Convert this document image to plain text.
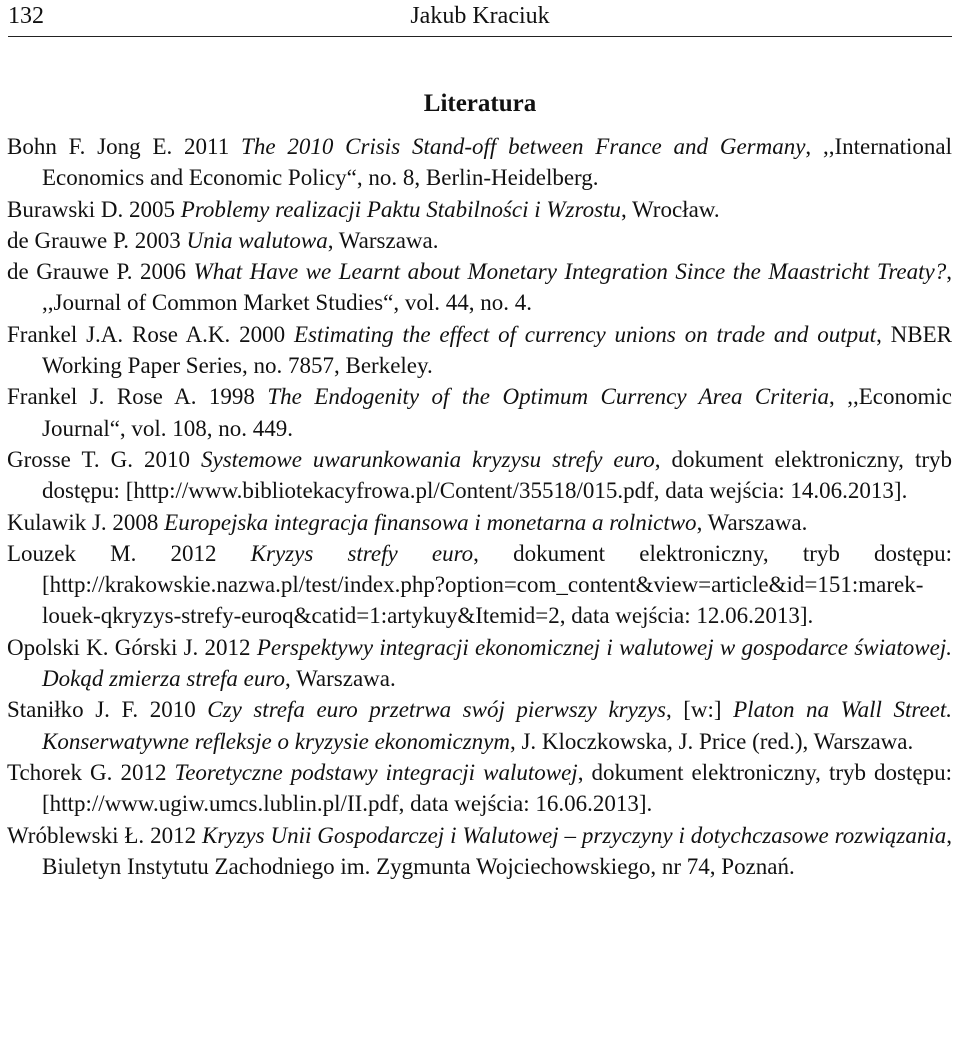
132	Jakub Kraciuk
Literatura
Bohn F. Jong E. 2011 The 2010 Crisis Stand-off between France and Germany, ,,International Economics and Economic Policy“, no. 8, Berlin-Heidelberg.
Burawski D. 2005 Problemy realizacji Paktu Stabilności i Wzrostu, Wrocław.
de Grauwe P. 2003 Unia walutowa, Warszawa.
de Grauwe P. 2006 What Have we Learnt about Monetary Integration Since the Maastricht Treaty?, ,,Journal of Common Market Studies“, vol. 44, no. 4.
Frankel J.A. Rose A.K. 2000 Estimating the effect of currency unions on trade and output, NBER Working Paper Series, no. 7857, Berkeley.
Frankel J. Rose A. 1998 The Endogenity of the Optimum Currency Area Criteria, ,,Economic Journal“, vol. 108, no. 449.
Grosse T. G. 2010 Systemowe uwarunkowania kryzysu strefy euro, dokument elektroniczny, tryb dostępu: [http://www.bibliotekacyfrowa.pl/Content/35518/015.pdf, data wejścia: 14.06.2013].
Kulawik J. 2008 Europejska integracja finansowa i monetarna a rolnictwo, Warszawa.
Louzek M. 2012 Kryzys strefy euro, dokument elektroniczny, tryb dostępu: [http://krakowskie.nazwa.pl/test/index.php?option=com_content&view=article&id=151:marek-louek-qkryzys-strefy-euroq&catid=1:artykuy&Itemid=2, data wejścia: 12.06.2013].
Opolski K. Górski J. 2012 Perspektywy integracji ekonomicznej i walutowej w gospodarce światowej. Dokąd zmierza strefa euro, Warszawa.
Staniłko J. F. 2010 Czy strefa euro przetrwa swój pierwszy kryzys, [w:] Platon na Wall Street. Konserwatywne refleksje o kryzysie ekonomicznym, J. Kloczkowska, J. Price (red.), Warszawa.
Tchorek G. 2012 Teoretyczne podstawy integracji walutowej, dokument elektroniczny, tryb dostępu: [http://www.ugiw.umcs.lublin.pl/II.pdf, data wejścia: 16.06.2013].
Wróblewski Ł. 2012 Kryzys Unii Gospodarczej i Walutowej – przyczyny i dotychczasowe rozwiązania, Biuletyn Instytutu Zachodniego im. Zygmunta Wojciechowskiego, nr 74, Poznań.
